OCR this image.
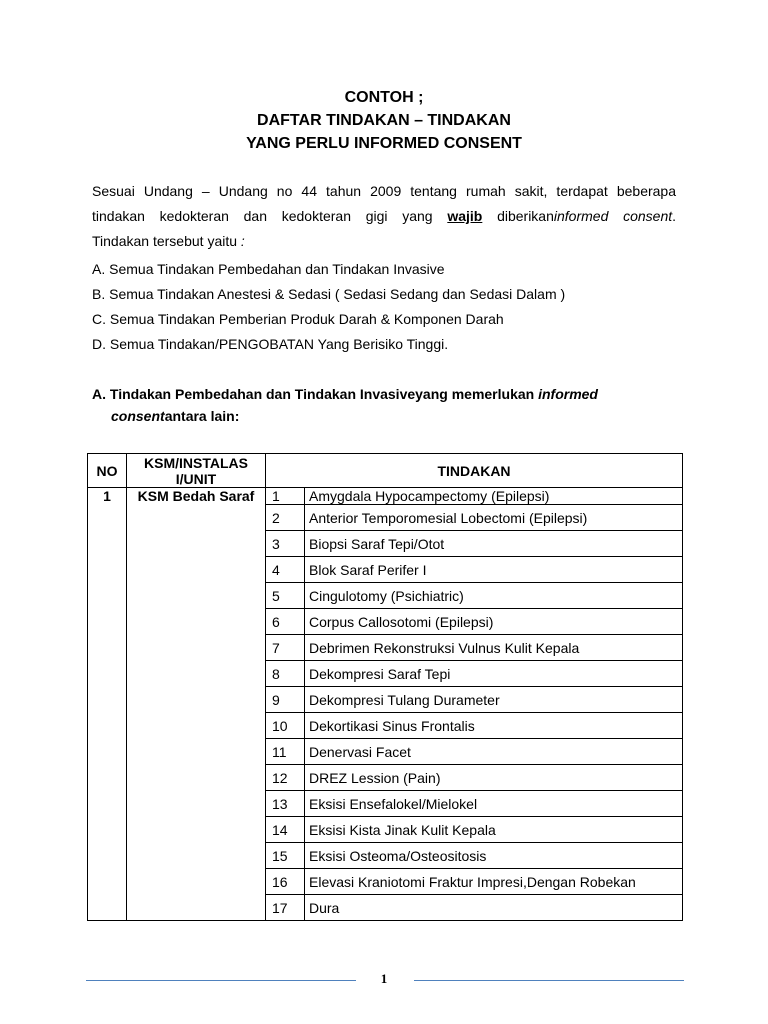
CONTOH ;
DAFTAR TINDAKAN – TINDAKAN
YANG PERLU INFORMED CONSENT
Sesuai Undang – Undang no 44 tahun 2009 tentang rumah sakit, terdapat beberapa
tindakan kedokteran dan kedokteran gigi yang wajib diberikaninformed consent.
Tindakan tersebut yaitu :
A. Semua Tindakan Pembedahan dan Tindakan Invasive
B. Semua Tindakan Anestesi & Sedasi ( Sedasi Sedang dan Sedasi Dalam )
C. Semua Tindakan Pemberian Produk Darah & Komponen Darah
D. Semua Tindakan/PENGOBATAN Yang Berisiko Tinggi.
A. Tindakan Pembedahan dan Tindakan Invasiveyang memerlukan informed
consentantara lain:
NO	KSM/INSTALAS I/UNIT	TINDAKAN	
1	KSM Bedah Saraf	1	Amygdala Hypocampectomy (Epilepsi)
		2	Anterior Temporomesial Lobectomi (Epilepsi)
		3	Biopsi Saraf Tepi/Otot
		4	Blok Saraf Perifer I
		5	Cingulotomy (Psichiatric)
		6	Corpus Callosotomi (Epilepsi)
		7	Debrimen Rekonstruksi Vulnus Kulit Kepala
		8	Dekompresi Saraf Tepi
		9	Dekompresi Tulang Durameter
		10	Dekortikasi Sinus Frontalis
		11	Denervasi Facet
		12	DREZ Lession (Pain)
		13	Eksisi Ensefalokel/Mielokel
		14	Eksisi Kista Jinak Kulit Kepala
		15	Eksisi Osteoma/Osteositosis
		16	Elevasi Kraniotomi Fraktur Impresi,Dengan Robekan
		17	Dura
1
